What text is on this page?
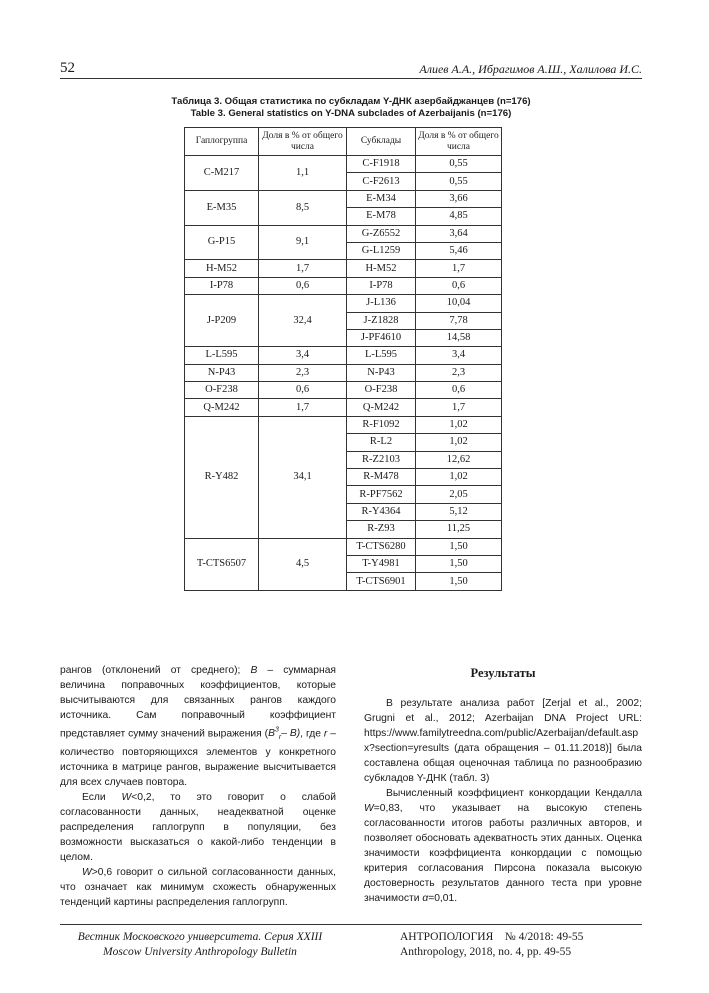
52	Алиев А.А., Ибрагимов А.Ш., Халилова И.С.
Таблица 3. Общая статистика по субкладам Y-ДНК азербайджанцев (n=176)
Table 3. General statistics on Y-DNA subclades of Azerbaijanis (n=176)
Гаплогруппа	Доля в % от общего числа	Субклады	Доля в % от общего числа
C-M217	1,1	C-F1918	0,55
		C-F2613	0,55
E-M35	8,5	E-M34	3,66
		E-M78	4,85
G-P15	9,1	G-Z6552	3,64
		G-L1259	5,46
H-M52	1,7	H-M52	1,7
I-P78	0,6	I-P78	0,6
J-P209	32,4	J-L136	10,04
		J-Z1828	7,78
		J-PF4610	14,58
L-L595	3,4	L-L595	3,4
N-P43	2,3	N-P43	2,3
O-F238	0,6	O-F238	0,6
Q-M242	1,7	Q-M242	1,7
R-Y482	34,1	R-F1092	1,02
		R-L2	1,02
		R-Z2103	12,62
		R-M478	1,02
		R-PF7562	2,05
		R-Y4364	5,12
		R-Z93	11,25
T-CTS6507	4,5	T-CTS6280	1,50
		T-Y4981	1,50
		T-CTS6901	1,50

рангов (отклонений от среднего); В – суммарная величина поправочных коэффициентов, которые высчитываются для связанных рангов каждого источника. Сам поправочный коэффициент представляет сумму значений выражения ($B^3_r-$ B), где r – количество повторяющихся элементов у конкретного источника в матрице рангов, выражение высчитывается для всех случаев повтора.

Если W<0,2, то это говорит о слабой согласованности данных, неадекватной оценке распределения гаплогрупп в популяции, без возможности высказаться о какой-либо тенденции в целом.

W>0,6 говорит о сильной согласованности данных, что означает как минимум схожесть обнаруженных тенденций картины распределения гаплогрупп.

Результаты

В результате анализа работ [Zerjal et al., 2002; Grugni et al., 2012; Azerbaijan DNA Project URL: https://www.familytreedna.com/public/Azerbaijan/default.aspx?section=yresults (дата обращения – 01.11.2018)] была составлена общая оценочная таблица по разнообразию субкладов Y-ДНК (табл. 3)

Вычисленный коэффициент конкордации Кендалла W=0,83, что указывает на высокую степень согласованности итогов работы различных авторов, и позволяет обосновать адекватность этих данных. Оценка значимости коэффициента конкордации с помощью критерия согласования Пирсона показала высокую достоверность результатов данного теста при уровне значимости α=0,01.

Вестник Московского университета. Серия XXIII
Moscow University Anthropology Bulletin
АНТРОПОЛОГИЯ    № 4/2018: 49-55
Anthropology, 2018, no. 4, pp. 49-55
